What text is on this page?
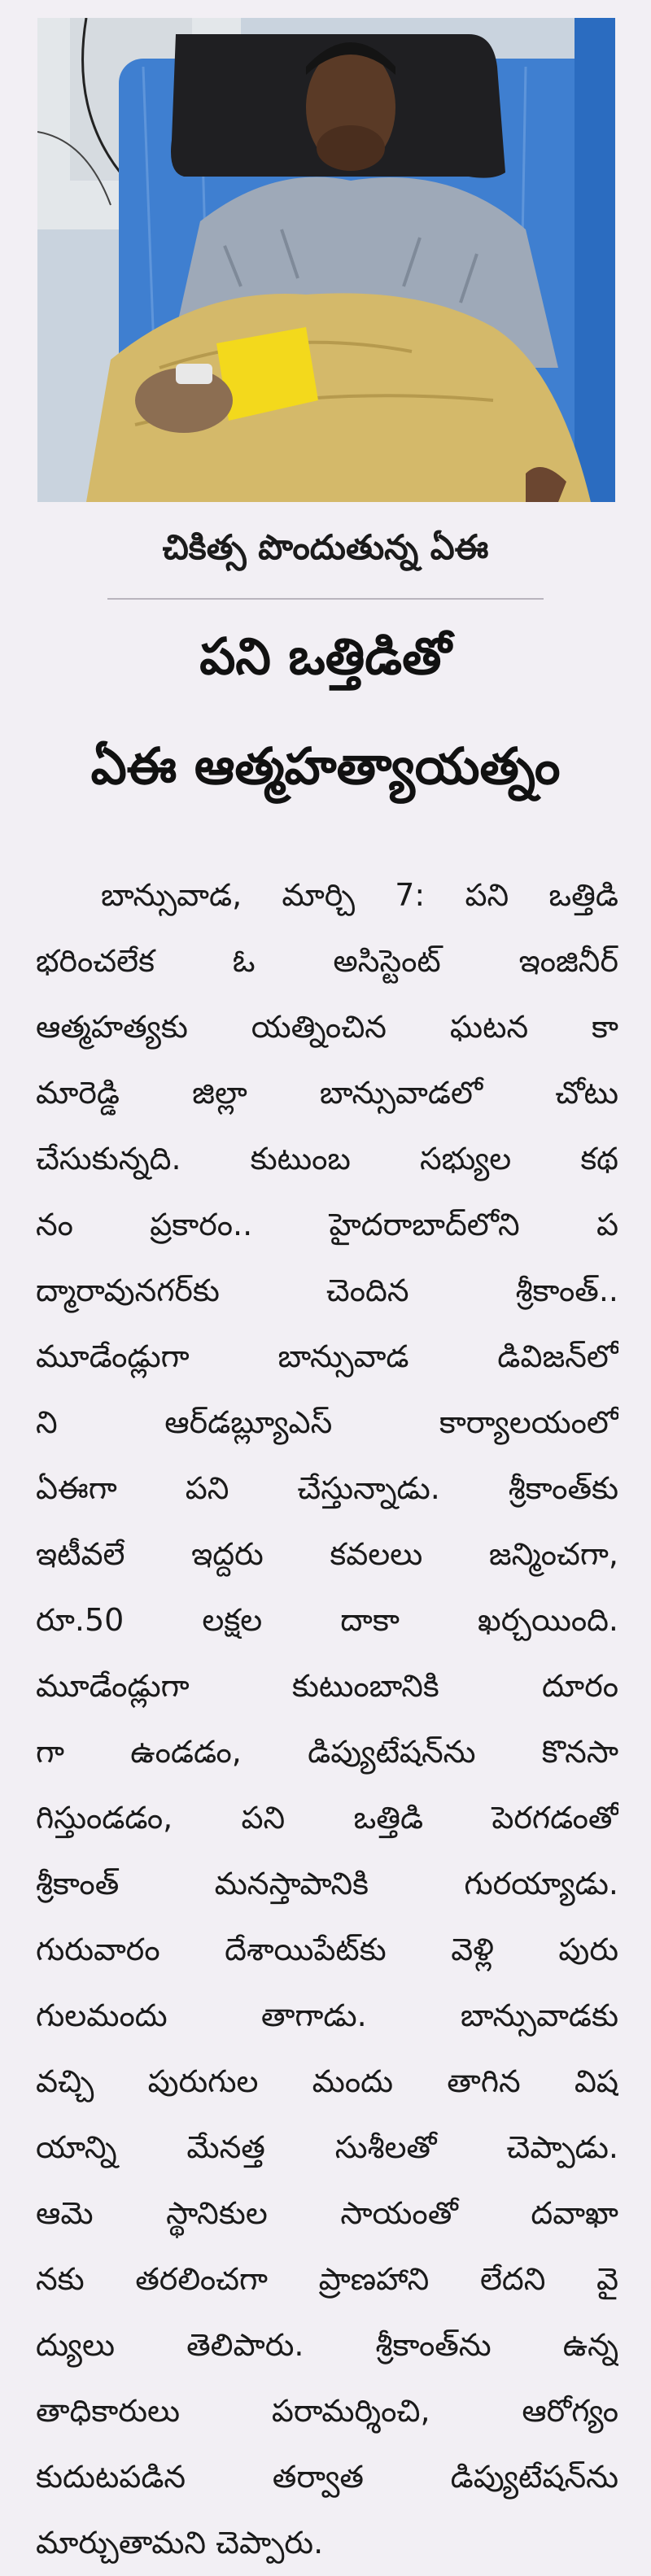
చికిత్స పొందుతున్న ఏఈ
పని ఒత్తిడితో
ఏఈ ఆత్మహత్యాయత్నం
బాన్సువాడ, మార్చి 7: పని ఒత్తిడి
భరించలేక ఓ అసిస్టెంట్ ఇంజినీర్
ఆత్మహత్యకు యత్నించిన ఘటన కా
మారెడ్డి జిల్లా బాన్సువాడలో చోటు
చేసుకున్నది. కుటుంబ సభ్యుల కథ
నం ప్రకారం.. హైదరాబాద్‌లోని ప
ద్మారావునగర్‌కు చెందిన శ్రీకాంత్..
మూడేండ్లుగా బాన్సువాడ డివిజన్‌లో
ని ఆర్‌డబ్ల్యూఎస్ కార్యాలయంలో
ఏఈగా పని చేస్తున్నాడు. శ్రీకాంత్‌కు
ఇటీవలే ఇద్దరు కవలలు జన్మించగా,
రూ.50 లక్షల దాకా ఖర్చయింది.
మూడేండ్లుగా కుటుంబానికి దూరం
గా ఉండడం, డిప్యుటేషన్‌ను కొనసా
గిస్తుండడం, పని ఒత్తిడి పెరగడంతో
శ్రీకాంత్ మనస్తాపానికి గురయ్యాడు.
గురువారం దేశాయిపేట్‌కు వెళ్లి పురు
గులమందు తాగాడు. బాన్సువాడకు
వచ్చి పురుగుల మందు తాగిన విష
యాన్ని మేనత్త సుశీలతో చెప్పాడు.
ఆమె స్థానికుల సాయంతో దవాఖా
నకు తరలించగా ప్రాణహాని లేదని వై
ద్యులు తెలిపారు. శ్రీకాంత్‌ను ఉన్న
తాధికారులు పరామర్శించి, ఆరోగ్యం
కుదుటపడిన తర్వాత డిప్యుటేషన్‌ను
మార్చుతామని చెప్పారు.
